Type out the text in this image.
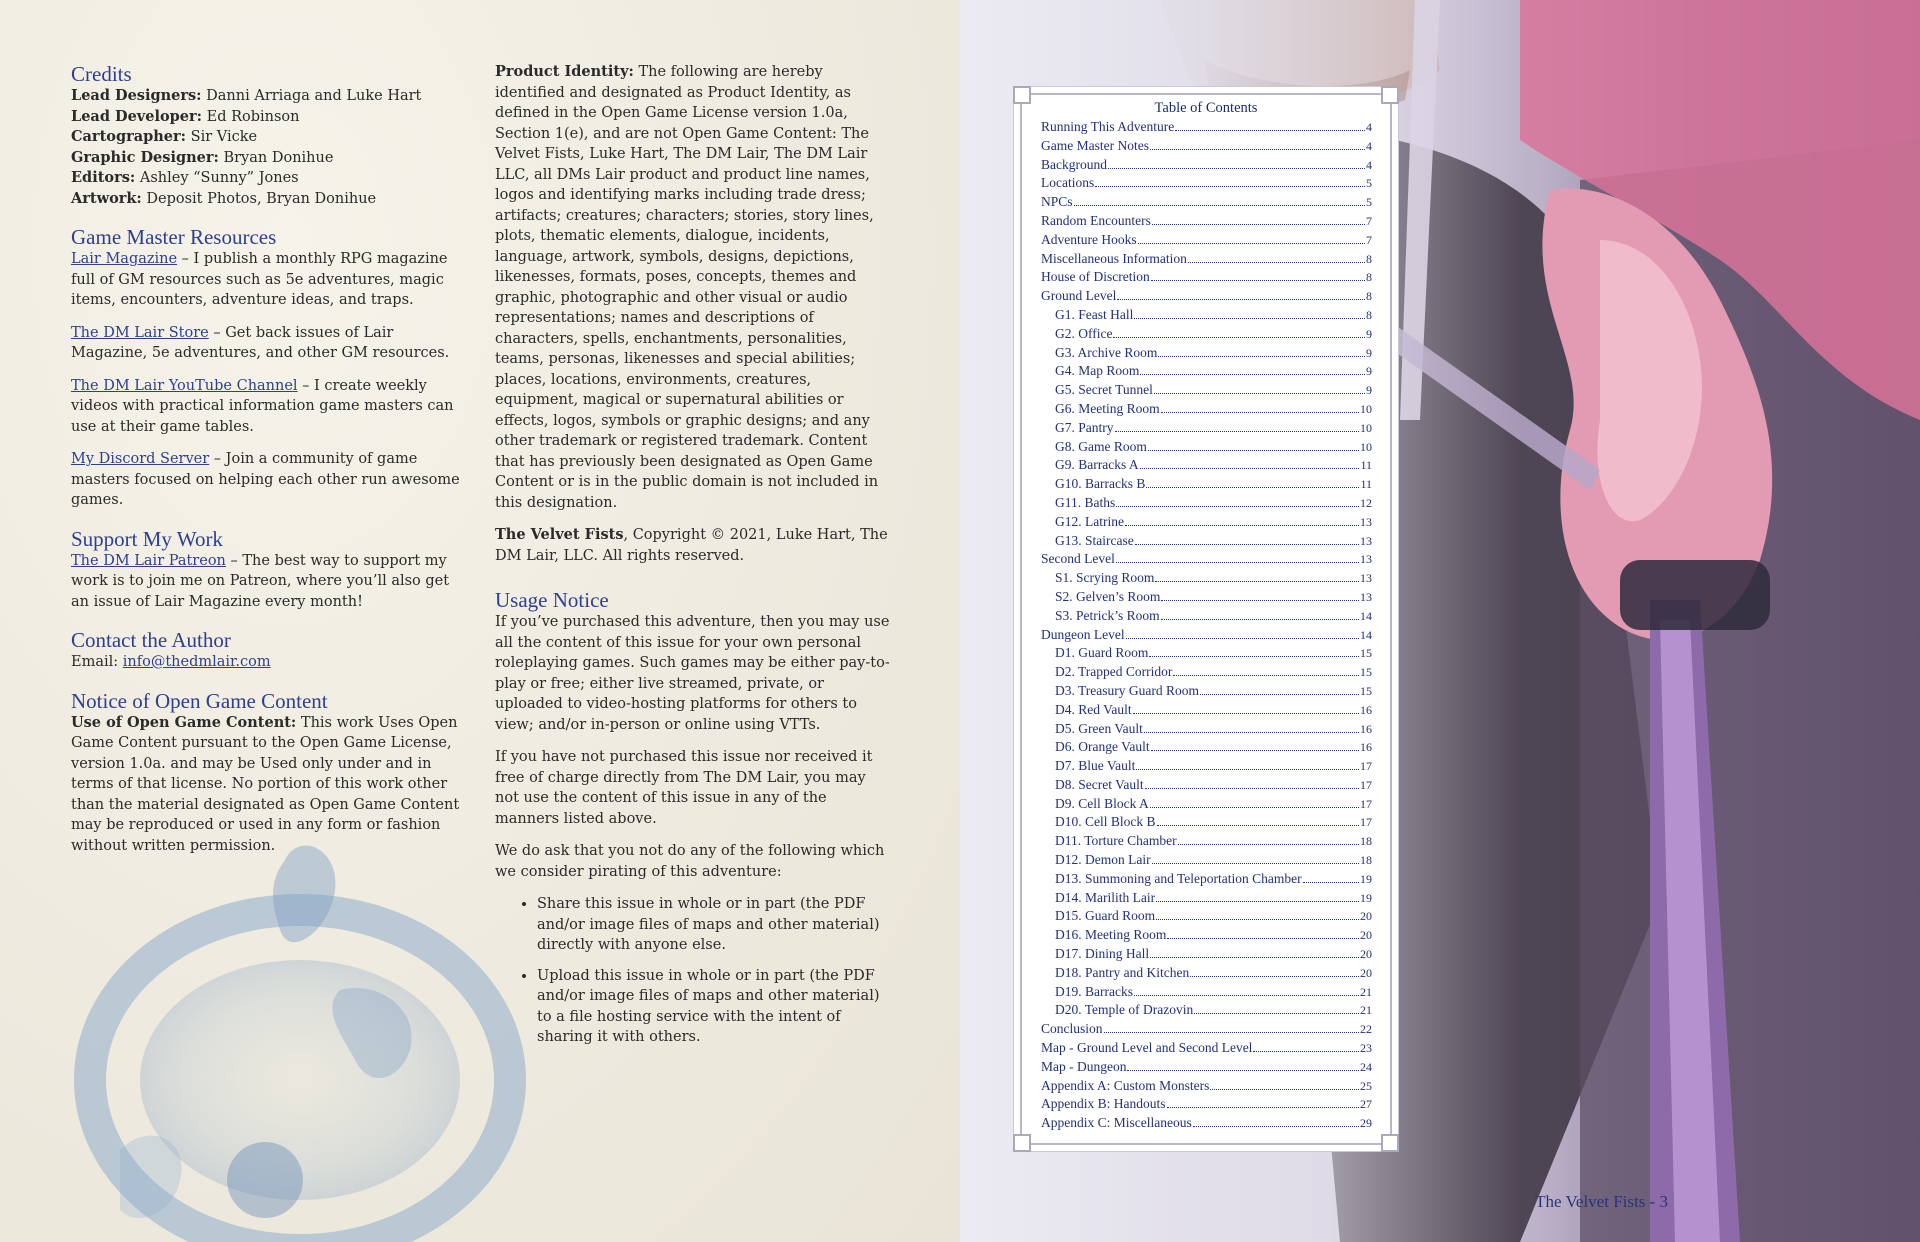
Credits

Lead Designers: Danni Arriaga and Luke Hart

Lead Developer: Ed Robinson

Cartographer: Sir Vicke

Graphic Designer: Bryan Donihue

Editors: Ashley “Sunny” Jones

Artwork: Deposit Photos, Bryan Donihue

Game Master Resources

Lair Magazine – I publish a monthly RPG magazine full of GM resources such as 5e adventures, magic items, encounters, adventure ideas, and traps.

The DM Lair Store – Get back issues of Lair Magazine, 5e adventures, and other GM resources.

The DM Lair YouTube Channel – I create weekly videos with practical information game masters can use at their game tables.

My Discord Server – Join a community of game masters focused on helping each other run awesome games.

Support My Work

The DM Lair Patreon – The best way to support my work is to join me on Patreon, where you’ll also get an issue of Lair Magazine every month!

Contact the Author

Email: info@thedmlair.com

Notice of Open Game Content

Use of Open Game Content: This work Uses Open Game Content pursuant to the Open Game License, version 1.0a. and may be Used only under and in terms of that license. No portion of this work other than the material designated as Open Game Content may be reproduced or used in any form or fashion without written permission.

Product Identity: The following are hereby identified and designated as Product Identity, as defined in the Open Game License version 1.0a, Section 1(e), and are not Open Game Content: The Velvet Fists, Luke Hart, The DM Lair, The DM Lair LLC, all DMs Lair product and product line names, logos and identifying marks including trade dress; artifacts; creatures; characters; stories, story lines, plots, thematic elements, dialogue, incidents, language, artwork, symbols, designs, depictions, likenesses, formats, poses, concepts, themes and graphic, photographic and other visual or audio representations; names and descriptions of characters, spells, enchantments, personalities, teams, personas, likenesses and special abilities; places, locations, environments, creatures, equipment, magical or supernatural abilities or effects, logos, symbols or graphic designs; and any other trademark or registered trademark. Content that has previously been designated as Open Game Content or is in the public domain is not included in this designation.

The Velvet Fists, Copyright © 2021, Luke Hart, The DM Lair, LLC. All rights reserved.

Usage Notice

If you’ve purchased this adventure, then you may use all the content of this issue for your own personal roleplaying games. Such games may be either pay-to-play or free; either live streamed, private, or uploaded to video-hosting platforms for others to view; and/or in-person or online using VTTs.

If you have not purchased this issue nor received it free of charge directly from The DM Lair, you may not use the content of this issue in any of the manners listed above.

We do ask that you not do any of the following which we consider pirating of this adventure:

• Share this issue in whole or in part (the PDF and/or image files of maps and other material) directly with anyone else.
• Upload this issue in whole or in part (the PDF and/or image files of maps and other material) to a file hosting service with the intent of sharing it with others.
Table of Contents
Running This Adventure	4
Game Master Notes	4
Background	4
Locations	5
NPCs	5
Random Encounters	7
Adventure Hooks	7
Miscellaneous Information	8
House of Discretion	8
Ground Level	8
G1. Feast Hall	8
G2. Office	9
G3. Archive Room	9
G4. Map Room	9
G5. Secret Tunnel	9
G6. Meeting Room	10
G7. Pantry	10
G8. Game Room	10
G9. Barracks A	11
G10. Barracks B	11
G11. Baths	12
G12. Latrine	13
G13. Staircase	13
Second Level	13
S1. Scrying Room	13
S2. Gelven’s Room	13
S3. Petrick’s Room	14
Dungeon Level	14
D1. Guard Room	15
D2. Trapped Corridor	15
D3. Treasury Guard Room	15
D4. Red Vault	16
D5. Green Vault	16
D6. Orange Vault	16
D7. Blue Vault	17
D8. Secret Vault	17
D9. Cell Block A	17
D10. Cell Block B	17
D11. Torture Chamber	18
D12. Demon Lair	18
D13. Summoning and Teleportation Chamber	19
D14. Marilith Lair	19
D15. Guard Room	20
D16. Meeting Room	20
D17. Dining Hall	20
D18. Pantry and Kitchen	20
D19. Barracks	21
D20. Temple of Drazovin	21
Conclusion	22
Map - Ground Level and Second Level	23
Map - Dungeon	24
Appendix A: Custom Monsters	25
Appendix B: Handouts	27
Appendix C: Miscellaneous	29
The Velvet Fists - 3
